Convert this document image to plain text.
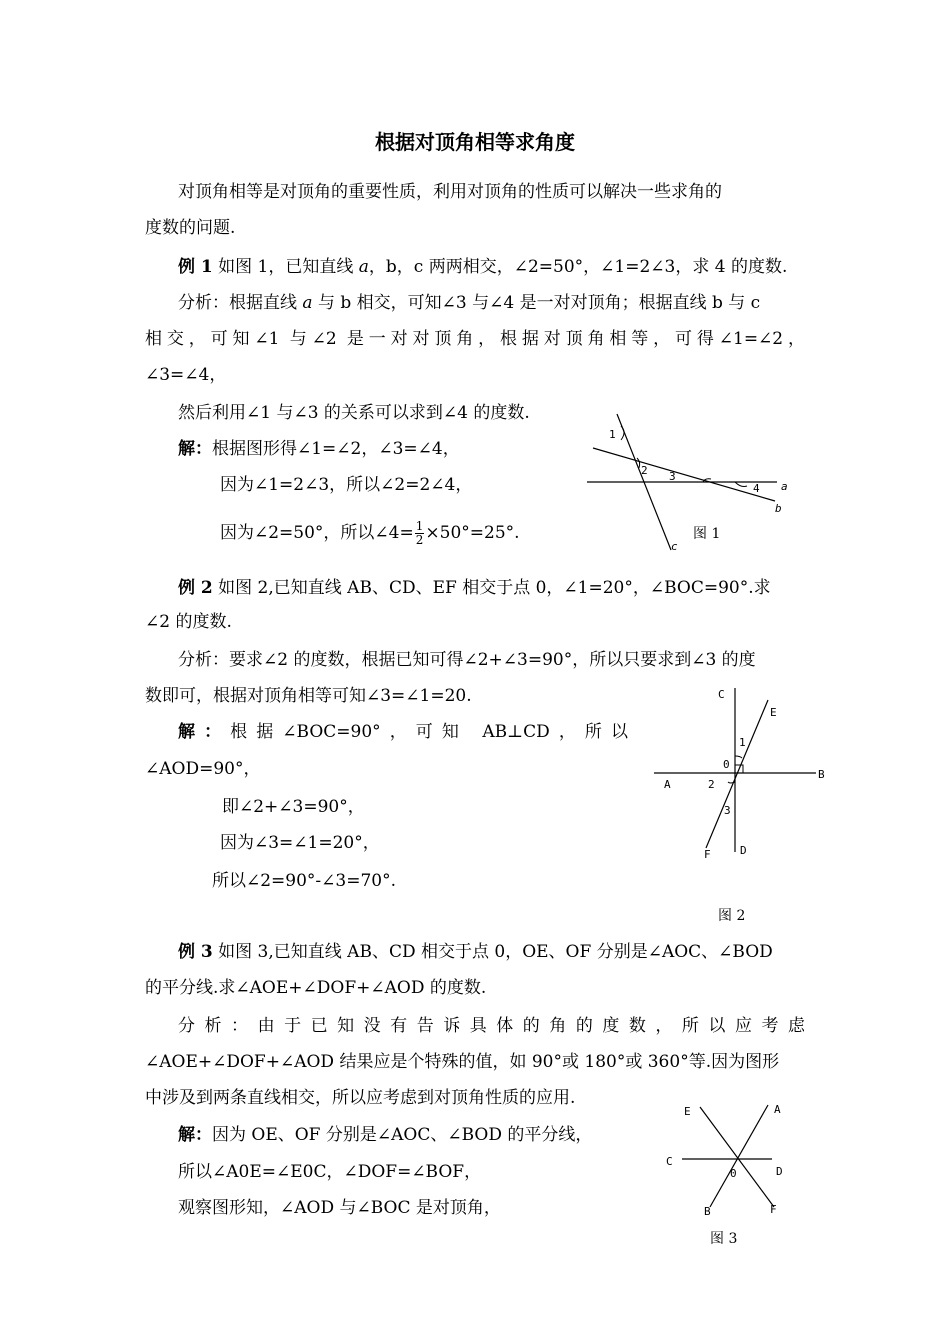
根据对顶角相等求角度
对顶角相等是对顶角的重要性质，利用对顶角的性质可以解决一些求角的
度数的问题.
例 1 如图 1，已知直线 a，b，c 两两相交，∠2=50°，∠1=2∠3，求 4 的度数.
分析：根据直线 a 与 b 相交，可知∠3 与∠4 是一对对顶角；根据直线 b 与 c
相交，可知∠1 与∠2 是一对对顶角，根据对顶角相等，可得∠1=∠2，
∠3=∠4，
然后利用∠1 与∠3 的关系可以求到∠4 的度数.
解：根据图形得∠1=∠2，∠3=∠4，
因为∠1=2∠3，所以∠2=2∠4，
因为∠2=50°，所以∠4= $\frac{1}{2} \times 50^\circ=25^\circ$.
1
2 3
4 a
b
c
图 1
例 2 如图 2,已知直线 AB、CD、EF 相交于点 0，∠1=20°，∠BOC=90°.求
∠2 的度数.
分析：要求∠2 的度数，根据已知可得∠2+∠3=90°，所以只要求到∠3 的度
数即可，根据对顶角相等可知∠3=∠1=20.
解：根据∠BOC=90°，可知 AB⊥CD，所以
∠AOD=90°，
即∠2+∠3=90°，
因为∠3=∠1=20°，
所以∠2=90°-∠3=70°.
C
E
1
0
A	2
B
3
F	D
图 2
例 3 如图 3,已知直线 AB、CD 相交于点 0，OE、OF 分别是∠AOC、∠BOD
的平分线.求∠AOE+∠DOF+∠AOD 的度数.
分析：由于已知没有告诉具体的角的度数，所以应考虑
∠AOE+∠DOF+∠AOD 结果应是个特殊的值，如 90°或 180°或 360°等.因为图形
中涉及到两条直线相交，所以应考虑到对顶角性质的应用.
解：因为 OE、OF 分别是∠AOC、∠BOD 的平分线，
所以∠A0E=∠E0C，∠DOF=∠BOF，
观察图形知，∠AOD 与∠BOC 是对顶角，
E	A
C
0	D
B	F
图 3
